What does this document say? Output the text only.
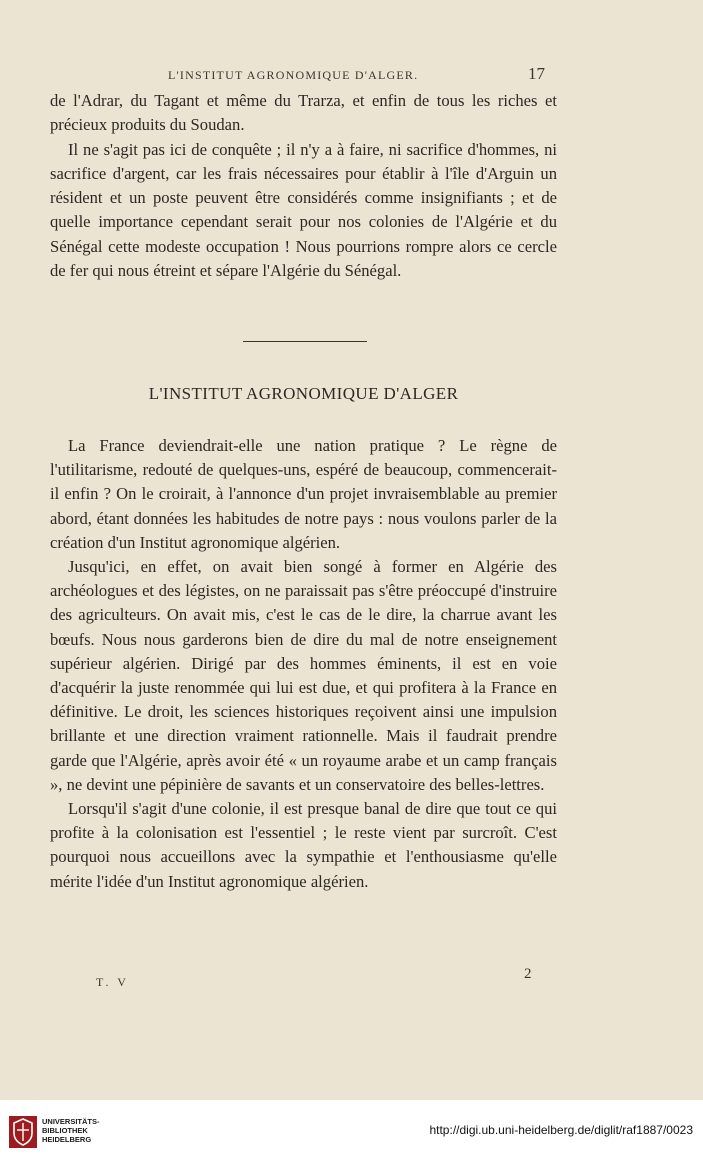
L'INSTITUT AGRONOMIQUE D'ALGER.	17

de l'Adrar, du Tagant et même du Trarza, et enfin de tous les riches et précieux produits du Soudan.

Il ne s'agit pas ici de conquête ; il n'y a à faire, ni sacrifice d'hommes, ni sacrifice d'argent, car les frais nécessaires pour établir à l'île d'Arguin un résident et un poste peuvent être considérés comme insignifiants ; et de quelle importance cependant serait pour nos colonies de l'Algérie et du Sénégal cette modeste occupation ! Nous pourrions rompre alors ce cercle de fer qui nous étreint et sépare l'Algérie du Sénégal.

L'INSTITUT AGRONOMIQUE D'ALGER

La France deviendrait-elle une nation pratique ? Le règne de l'utilitarisme, redouté de quelques-uns, espéré de beaucoup, commencerait-il enfin ? On le croirait, à l'annonce d'un projet invraisemblable au premier abord, étant données les habitudes de notre pays : nous voulons parler de la création d'un Institut agronomique algérien.

Jusqu'ici, en effet, on avait bien songé à former en Algérie des archéologues et des légistes, on ne paraissait pas s'être préoccupé d'instruire des agriculteurs. On avait mis, c'est le cas de le dire, la charrue avant les bœufs. Nous nous garderons bien de dire du mal de notre enseignement supérieur algérien. Dirigé par des hommes éminents, il est en voie d'acquérir la juste renommée qui lui est due, et qui profitera à la France en définitive. Le droit, les sciences historiques reçoivent ainsi une impulsion brillante et une direction vraiment rationnelle. Mais il faudrait prendre garde que l'Algérie, après avoir été « un royaume arabe et un camp français », ne devint une pépinière de savants et un conservatoire des belles-lettres.

Lorsqu'il s'agit d'une colonie, il est presque banal de dire que tout ce qui profite à la colonisation est l'essentiel ; le reste vient par surcroît. C'est pourquoi nous accueillons avec la sympathie et l'enthousiasme qu'elle mérite l'idée d'un Institut agronomique algérien.

T. V	2
UNIVERSITÄTS-
BIBLIOTHEK
HEIDELBERG
http://digi.ub.uni-heidelberg.de/diglit/raf1887/0023
